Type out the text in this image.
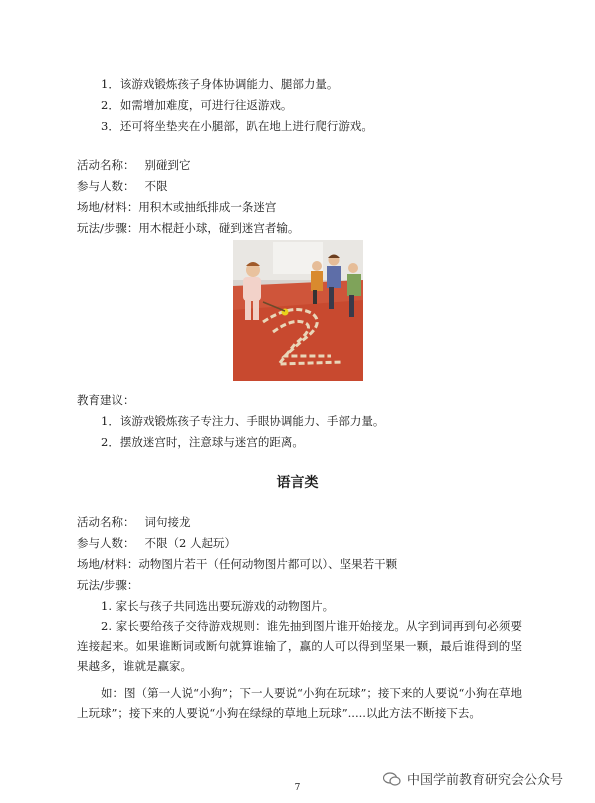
1．该游戏锻炼孩子身体协调能力、腿部力量。
2．如需增加难度，可进行往返游戏。
3．还可将坐垫夹在小腿部，趴在地上进行爬行游戏。
活动名称： 别碰到它
参与人数： 不限
场地/材料：用积木或抽纸排成一条迷宫
玩法/步骤：用木棍赶小球，碰到迷宫者输。
教育建议：
1．该游戏锻炼孩子专注力、手眼协调能力、手部力量。
2．摆放迷宫时，注意球与迷宫的距离。
语言类
活动名称： 词句接龙
参与人数： 不限（2 人起玩）
场地/材料：动物图片若干（任何动物图片都可以）、坚果若干颗
玩法/步骤：
1. 家长与孩子共同选出要玩游戏的动物图片。
2. 家长要给孩子交待游戏规则：谁先抽到图片谁开始接龙。从字到词再到句必须要连接起来。如果谁断词或断句就算谁输了，赢的人可以得到坚果一颗，最后谁得到的坚果越多，谁就是赢家。
如：图（第一人说“小狗”；下一人要说“小狗在玩球”；接下来的人要说“小狗在草地上玩球”；接下来的人要说“小狗在绿绿的草地上玩球”.....以此方法不断接下去。
中国学前教育研究会公众号
7
